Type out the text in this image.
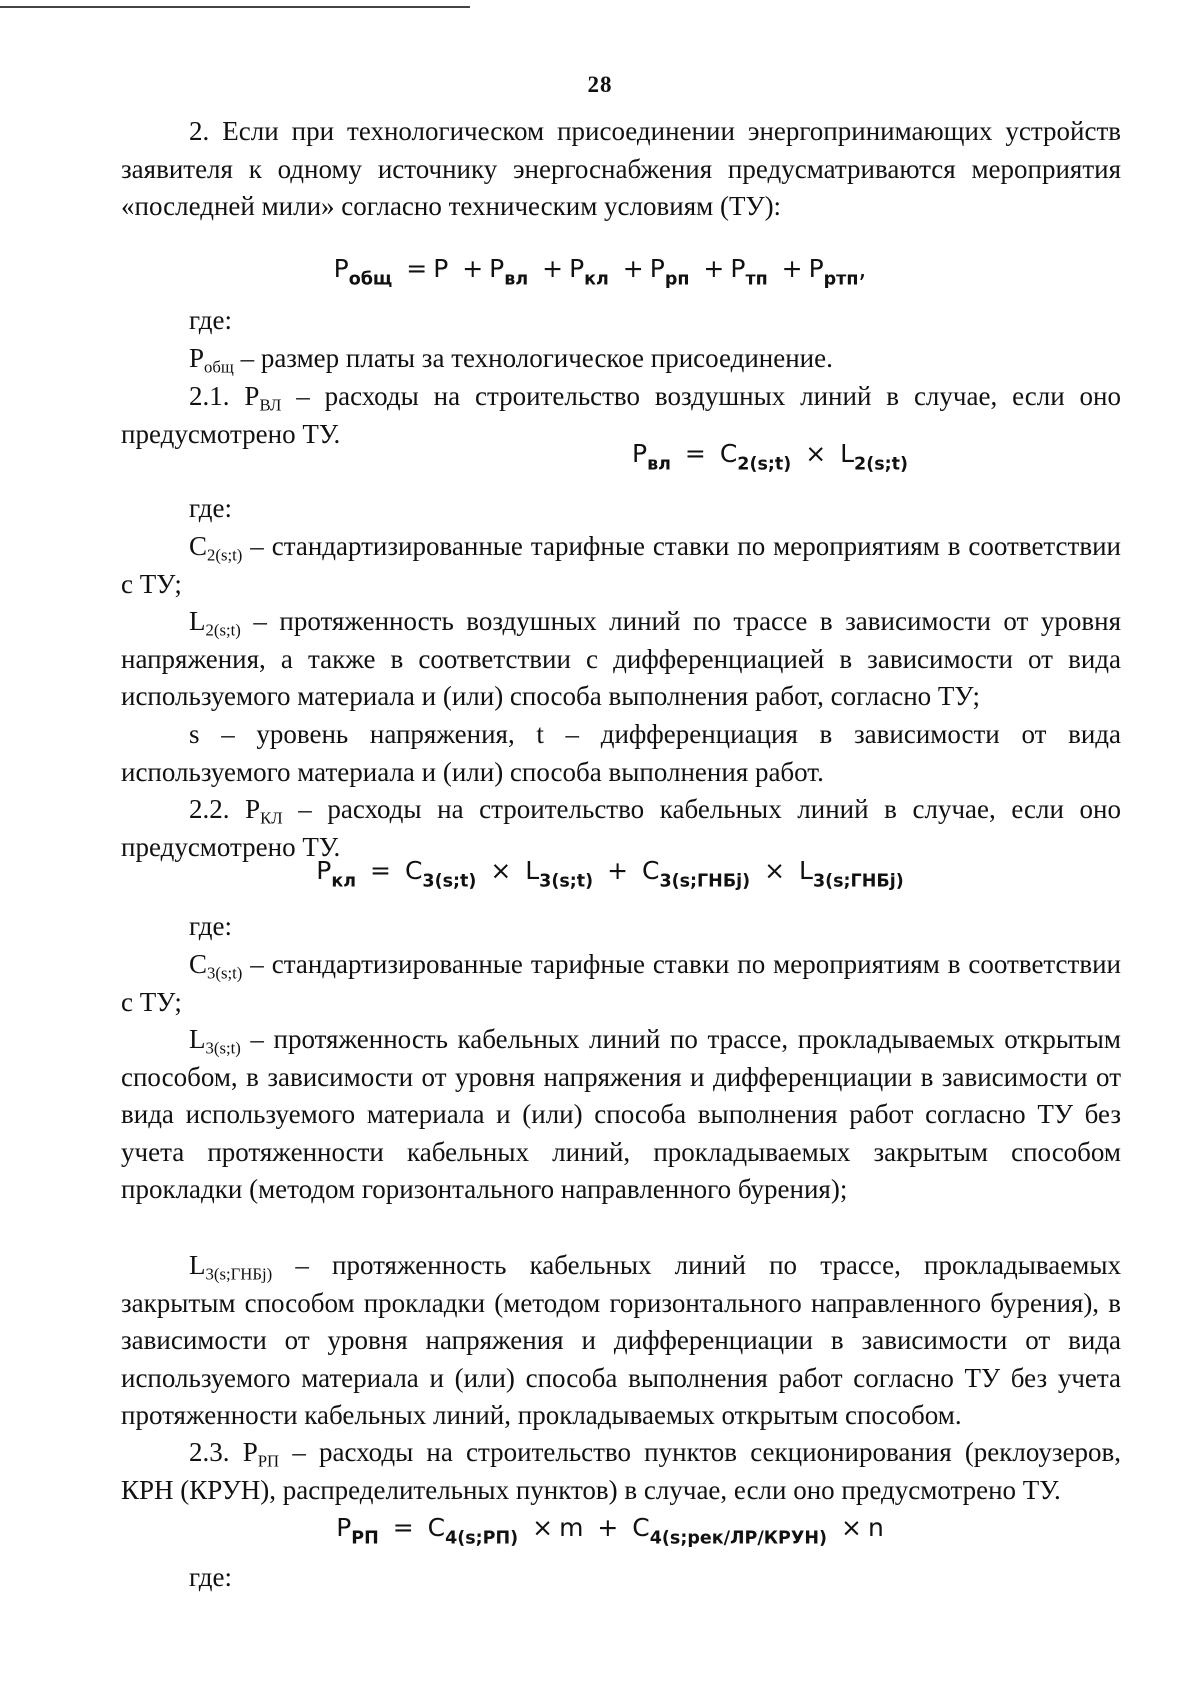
28

2. Если при технологическом присоединении энергопринимающих устройств заявителя к одному источнику энергоснабжения предусматриваются мероприятия «последней мили» согласно техническим условиям (ТУ):

$P_{общ} = P + P_{вл} + P_{кл} + P_{рп} + P_{тп} + P_{ртп}$,
где:

$P_{общ}$ – размер платы за технологическое присоединение.

2.1. $P_{ВЛ}$ – расходы на строительство воздушных линий в случае, если оно предусмотрено ТУ.

$P_{вл} = C_{2(s;t)} \times L_{2(s;t)}$
где:

$C_{2(s;t)}$ – стандартизированные тарифные ставки по мероприятиям в соответствии с ТУ;

$L_{2(s;t)}$ – протяженность воздушных линий по трассе в зависимости от уровня напряжения, а также в соответствии с дифференциацией в зависимости от вида используемого материала и (или) способа выполнения работ, согласно ТУ;

s – уровень напряжения, t – дифференциация в зависимости от вида используемого материала и (или) способа выполнения работ.

2.2. $P_{КЛ}$ – расходы на строительство кабельных линий в случае, если оно предусмотрено ТУ.

$P_{кл} = C_{3(s;t)} \times L_{3(s;t)} + C_{3(s;ГНБj)} \times L_{3(s;ГНБj)}$
где:

$C_{3(s;t)}$ – стандартизированные тарифные ставки по мероприятиям в соответствии с ТУ;

$L_{3(s;t)}$ – протяженность кабельных линий по трассе, прокладываемых открытым способом, в зависимости от уровня напряжения и дифференциации в зависимости от вида используемого материала и (или) способа выполнения работ согласно ТУ без учета протяженности кабельных линий, прокладываемых закрытым способом прокладки (методом горизонтального направленного бурения);

$L_{3(s;ГНБj)}$ – протяженность кабельных линий по трассе, прокладываемых закрытым способом прокладки (методом горизонтального направленного бурения), в зависимости от уровня напряжения и дифференциации в зависимости от вида используемого материала и (или) способа выполнения работ согласно ТУ без учета протяженности кабельных линий, прокладываемых открытым способом.

2.3. $P_{РП}$ – расходы на строительство пунктов секционирования (реклоузеров, КРН (КРУН), распределительных пунктов) в случае, если оно предусмотрено ТУ.

$P_{РП} = C_{4(s;РП)} \times m + C_{4(s;рек/ЛР/КРУН)} \times n$
где:
